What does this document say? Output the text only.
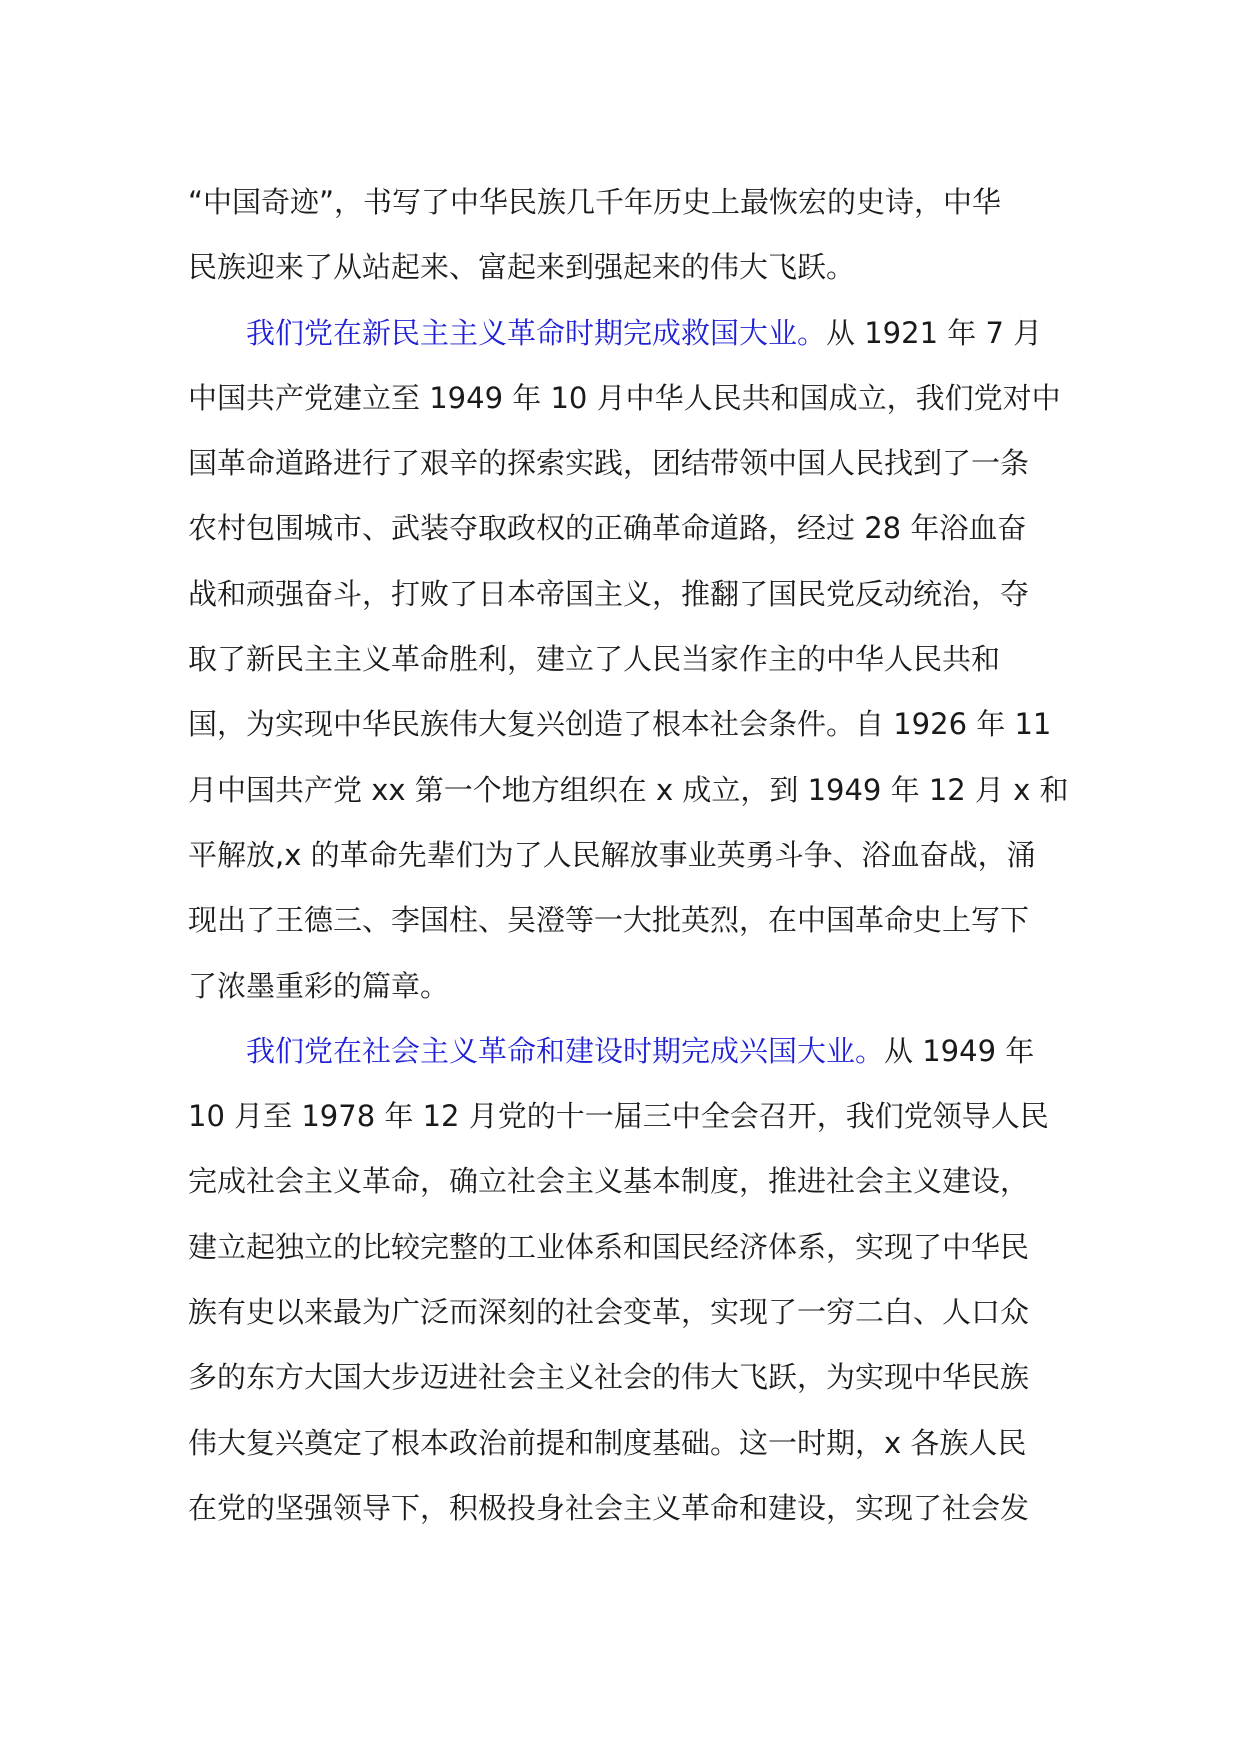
“中国奇迹”，书写了中华民族几千年历史上最恢宏的史诗，中华
民族迎来了从站起来、富起来到强起来的伟大飞跃。
我们党在新民主主义革命时期完成救国大业。从 1921 年 7 月
中国共产党建立至 1949 年 10 月中华人民共和国成立，我们党对中
国革命道路进行了艰辛的探索实践，团结带领中国人民找到了一条
农村包围城市、武装夺取政权的正确革命道路，经过 28 年浴血奋
战和顽强奋斗，打败了日本帝国主义，推翻了国民党反动统治，夺
取了新民主主义革命胜利，建立了人民当家作主的中华人民共和
国，为实现中华民族伟大复兴创造了根本社会条件。自 1926 年 11
月中国共产党 xx 第一个地方组织在 x 成立，到 1949 年 12 月 x 和
平解放,x 的革命先辈们为了人民解放事业英勇斗争、浴血奋战，涌
现出了王德三、李国柱、吴澄等一大批英烈，在中国革命史上写下
了浓墨重彩的篇章。
我们党在社会主义革命和建设时期完成兴国大业。从 1949 年
10 月至 1978 年 12 月党的十一届三中全会召开，我们党领导人民
完成社会主义革命，确立社会主义基本制度，推进社会主义建设，
建立起独立的比较完整的工业体系和国民经济体系，实现了中华民
族有史以来最为广泛而深刻的社会变革，实现了一穷二白、人口众
多的东方大国大步迈进社会主义社会的伟大飞跃，为实现中华民族
伟大复兴奠定了根本政治前提和制度基础。这一时期，x 各族人民
在党的坚强领导下，积极投身社会主义革命和建设，实现了社会发
